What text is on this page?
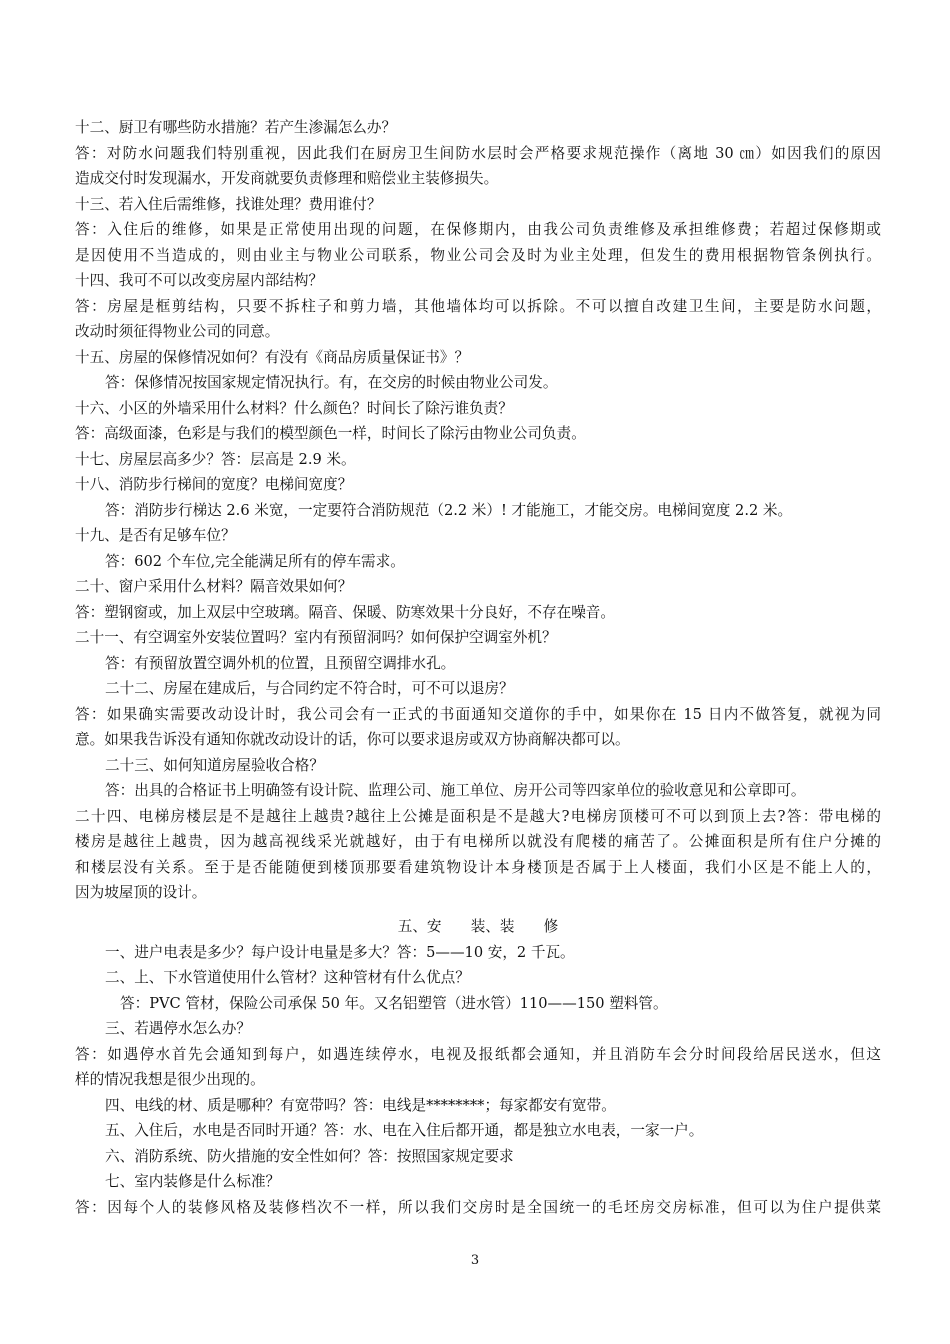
十二、厨卫有哪些防水措施？若产生渗漏怎么办？
答：对防水问题我们特别重视，因此我们在厨房卫生间防水层时会严格要求规范操作（离地 30 ㎝）如因我们的原因
造成交付时发现漏水，开发商就要负责修理和赔偿业主装修损失。
十三、若入住后需维修，找谁处理？费用谁付？
答：入住后的维修，如果是正常使用出现的问题，在保修期内，由我公司负责维修及承担维修费；若超过保修期或
是因使用不当造成的，则由业主与物业公司联系，物业公司会及时为业主处理，但发生的费用根据物管条例执行。
十四、我可不可以改变房屋内部结构？
答：房屋是框剪结构，只要不拆柱子和剪力墙，其他墙体均可以拆除。不可以擅自改建卫生间，主要是防水问题，
改动时须征得物业公司的同意。
十五、房屋的保修情况如何？有没有《商品房质量保证书》？
答：保修情况按国家规定情况执行。有，在交房的时候由物业公司发。
十六、小区的外墙采用什么材料？什么颜色？时间长了除污谁负责？
答：高级面漆，色彩是与我们的模型颜色一样，时间长了除污由物业公司负责。
十七、房屋层高多少？答：层高是 2.9 米。
十八、消防步行梯间的宽度？电梯间宽度？
答：消防步行梯达 2.6 米宽，一定要符合消防规范（2.2 米）! 才能施工，才能交房。电梯间宽度 2.2 米。
十九、是否有足够车位？
答：602 个车位,完全能满足所有的停车需求。
二十、窗户采用什么材料？隔音效果如何？
答：塑钢窗或，加上双层中空玻璃。隔音、保暖、防寒效果十分良好，不存在噪音。
二十一、有空调室外安装位置吗？室内有预留洞吗？如何保护空调室外机？
答：有预留放置空调外机的位置，且预留空调排水孔。
二十二、房屋在建成后，与合同约定不符合时，可不可以退房？
答：如果确实需要改动设计时，我公司会有一正式的书面通知交道你的手中，如果你在 15 日内不做答复，就视为同
意。如果我告诉没有通知你就改动设计的话，你可以要求退房或双方协商解决都可以。
二十三、如何知道房屋验收合格？
答：出具的合格证书上明确签有设计院、监理公司、施工单位、房开公司等四家单位的验收意见和公章即可。
二十四、电梯房楼层是不是越往上越贵?越往上公摊是面积是不是越大?电梯房顶楼可不可以到顶上去?答：带电梯的
楼房是越往上越贵，因为越高视线采光就越好，由于有电梯所以就没有爬楼的痛苦了。公摊面积是所有住户分摊的
和楼层没有关系。至于是否能随便到楼顶那要看建筑物设计本身楼顶是否属于上人楼面，我们小区是不能上人的，
因为坡屋顶的设计。
五、安　　装、装　　修
一、进户电表是多少？每户设计电量是多大？答：5——10 安，2 千瓦。
二、上、下水管道使用什么管材？这种管材有什么优点？
答：PVC 管材，保险公司承保 50 年。又名铝塑管（进水管）110——150 塑料管。
三、若遇停水怎么办？
答：如遇停水首先会通知到每户，如遇连续停水，电视及报纸都会通知，并且消防车会分时间段给居民送水，但这
样的情况我想是很少出现的。
四、电线的材、质是哪种？有宽带吗？答：电线是********；每家都安有宽带。
五、入住后，水电是否同时开通？答：水、电在入住后都开通，都是独立水电表，一家一户。
六、消防系统、防火措施的安全性如何？答：按照国家规定要求
七、室内装修是什么标准？
答：因每个人的装修风格及装修档次不一样，所以我们交房时是全国统一的毛坯房交房标准，但可以为住户提供菜
3
